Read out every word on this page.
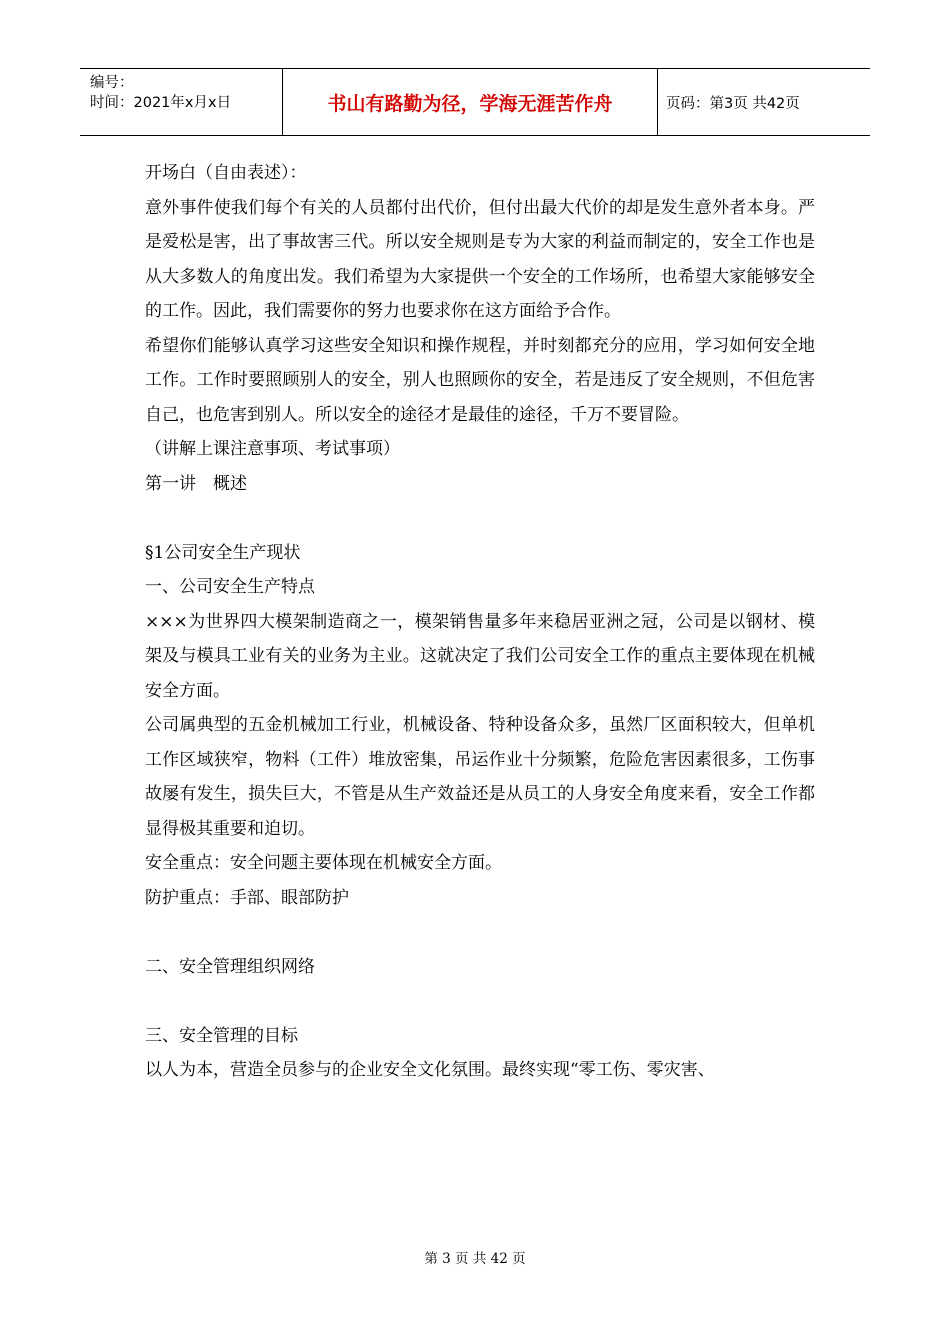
编号：
时间：2021年x月x日	书山有路勤为径，学海无涯苦作舟	页码：第3页 共42页

开场白（自由表述）：

意外事件使我们每个有关的人员都付出代价，但付出最大代价的却是发生意外者本身。严是爱松是害，出了事故害三代。所以安全规则是专为大家的利益而制定的，安全工作也是从大多数人的角度出发。我们希望为大家提供一个安全的工作场所，也希望大家能够安全的工作。因此，我们需要你的努力也要求你在这方面给予合作。

希望你们能够认真学习这些安全知识和操作规程，并时刻都充分的应用，学习如何安全地工作。工作时要照顾别人的安全，别人也照顾你的安全，若是违反了安全规则，不但危害自己，也危害到别人。所以安全的途径才是最佳的途径，千万不要冒险。

（讲解上课注意事项、考试事项）

第一讲　概述

§1公司安全生产现状

一、公司安全生产特点

×××为世界四大模架制造商之一，模架销售量多年来稳居亚洲之冠，公司是以钢材、模架及与模具工业有关的业务为主业。这就决定了我们公司安全工作的重点主要体现在机械安全方面。

公司属典型的五金机械加工行业，机械设备、特种设备众多，虽然厂区面积较大，但单机工作区域狭窄，物料（工件）堆放密集，吊运作业十分频繁，危险危害因素很多，工伤事故屡有发生，损失巨大，不管是从生产效益还是从员工的人身安全角度来看，安全工作都显得极其重要和迫切。

安全重点：安全问题主要体现在机械安全方面。

防护重点：手部、眼部防护

二、安全管理组织网络

三、安全管理的目标

以人为本，营造全员参与的企业安全文化氛围。最终实现“零工伤、零灾害、

第 3 页 共 42 页
